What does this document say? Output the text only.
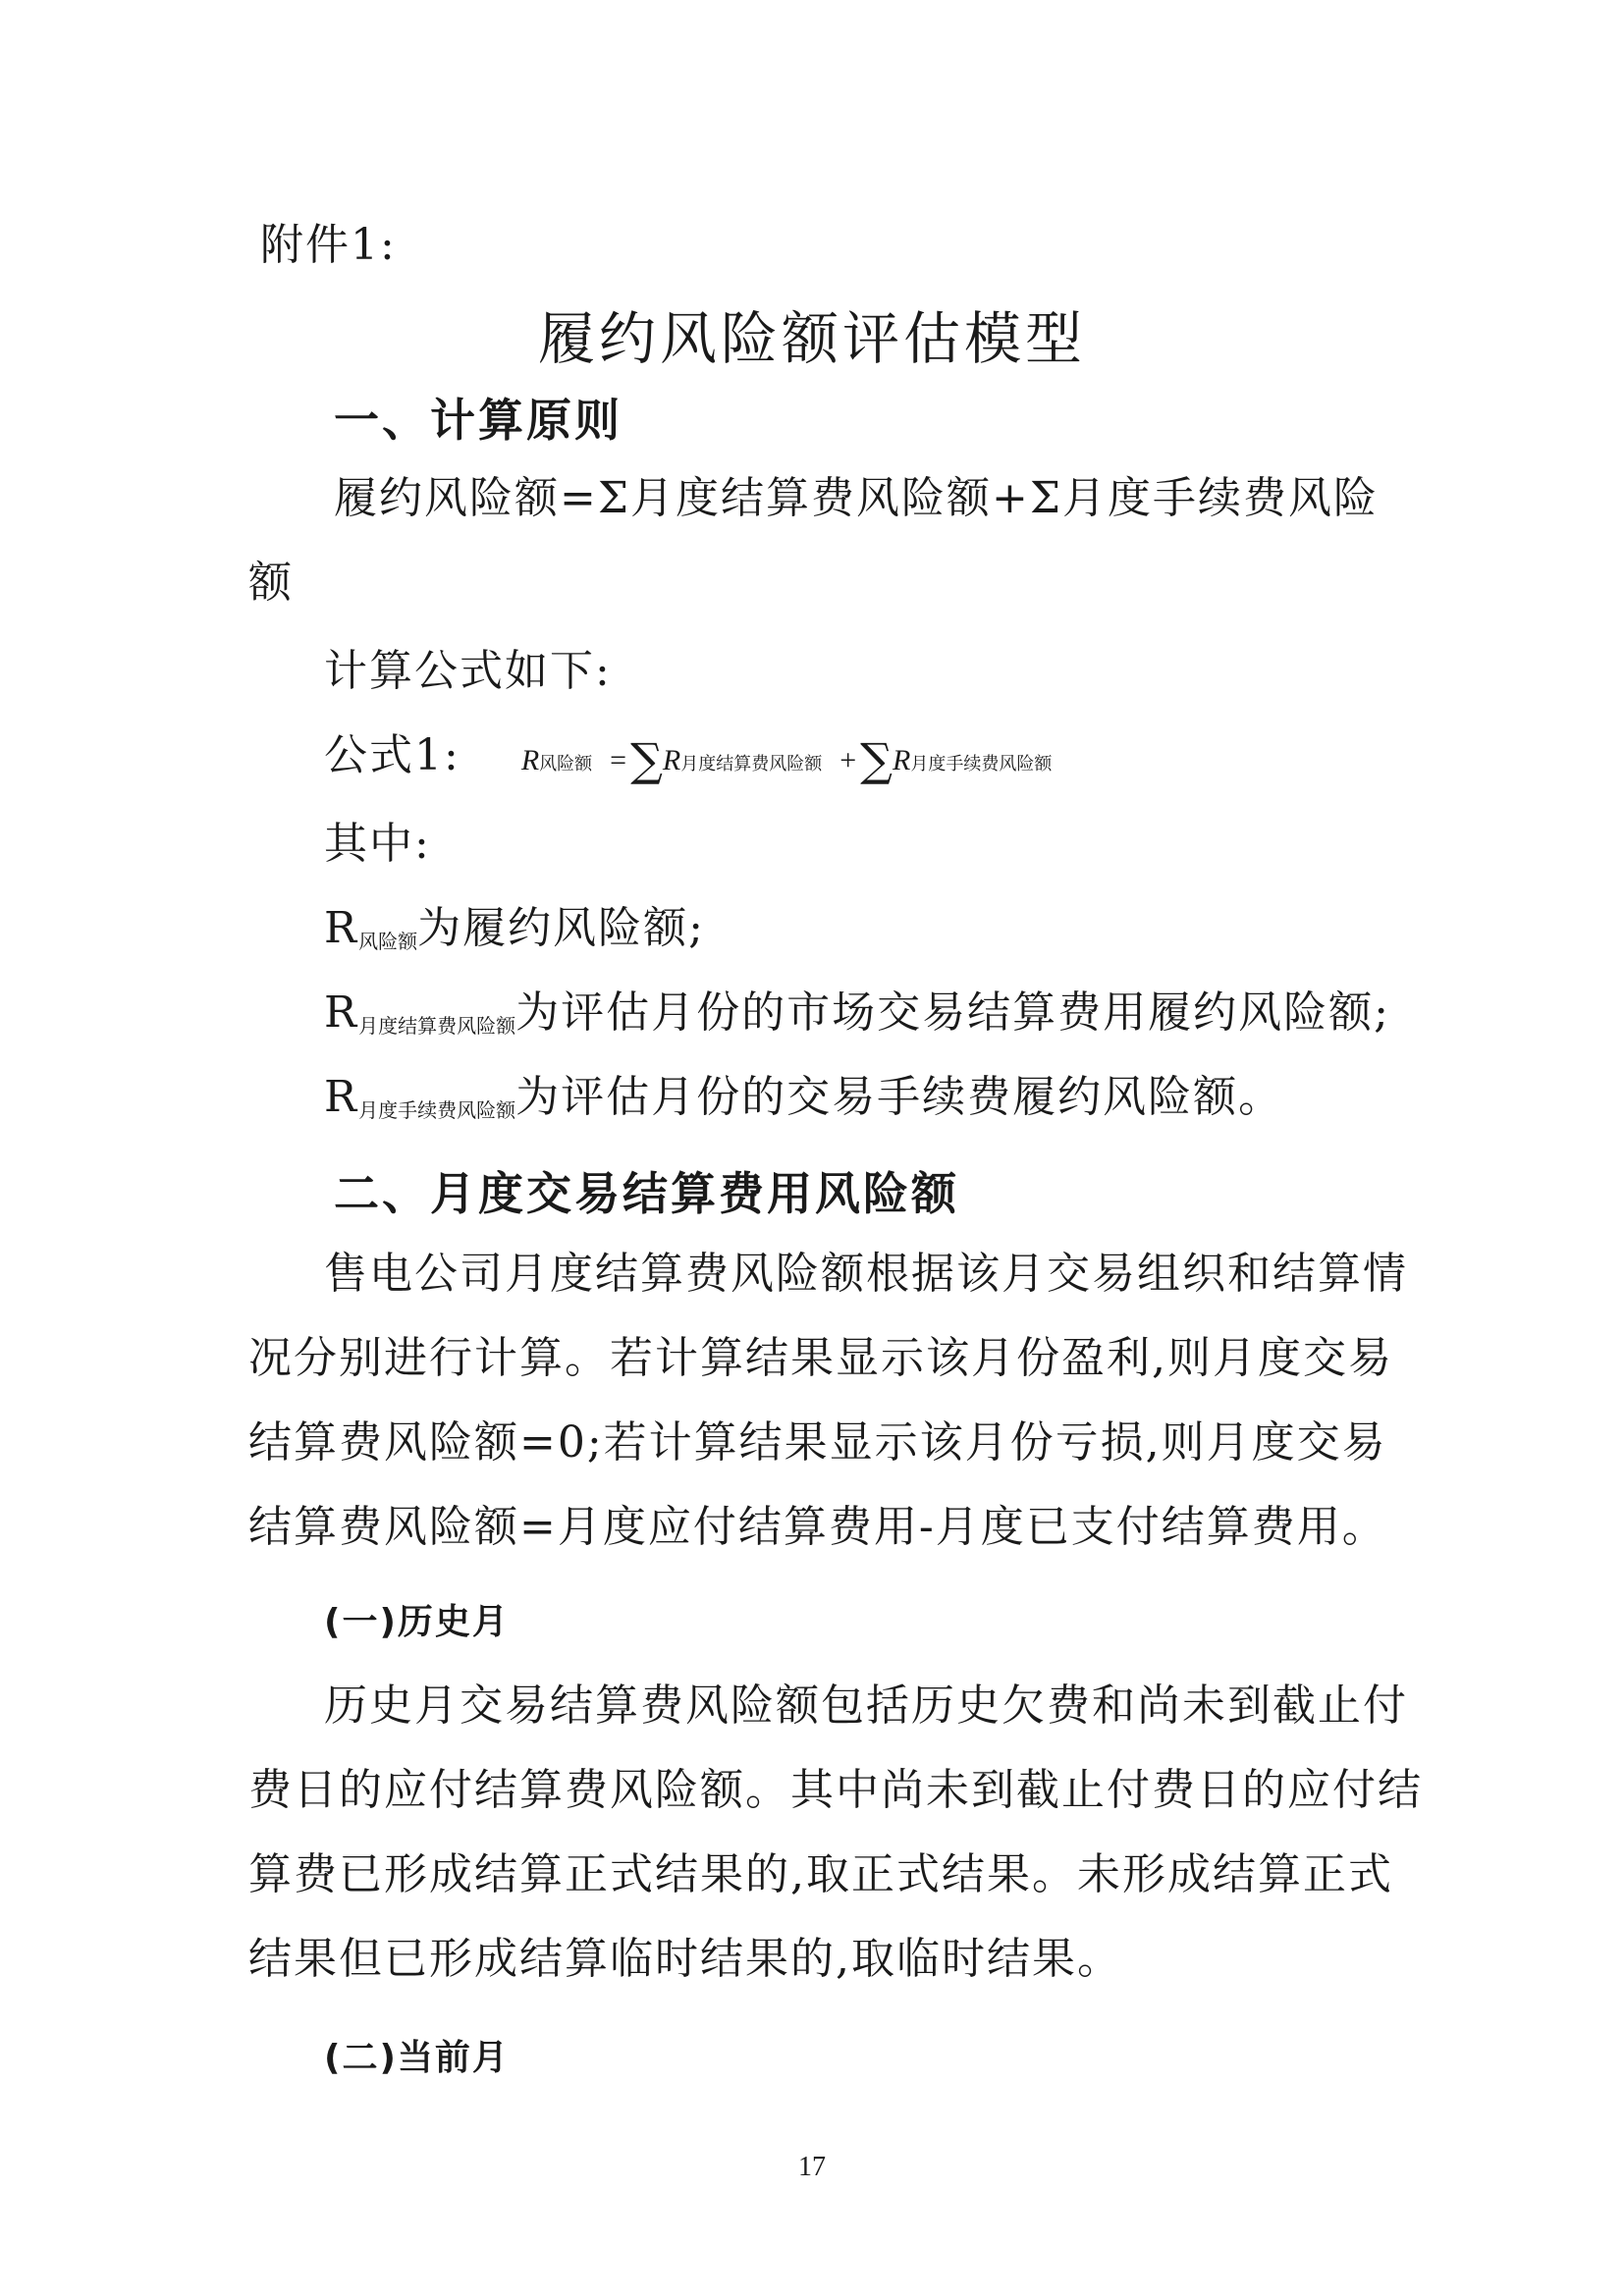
附件1:
履约风险额评估模型
一、计算原则
履约风险额=Σ月度结算费风险额+Σ月度手续费风险
额
计算公式如下:
公式1: R风险额 =∑R月度结算费风险额 +∑R月度手续费风险额
其中:
$R_{风险额}$为履约风险额;
$R_{月度结算费风险额}$为评估月份的市场交易结算费用履约风险额;
$R_{月度手续费风险额}$为评估月份的交易手续费履约风险额。
二、月度交易结算费用风险额
售电公司月度结算费风险额根据该月交易组织和结算情
况分别进行计算。若计算结果显示该月份盈利,则月度交易
结算费风险额=0;若计算结果显示该月份亏损,则月度交易
结算费风险额=月度应付结算费用-月度已支付结算费用。
(一)历史月
历史月交易结算费风险额包括历史欠费和尚未到截止付
费日的应付结算费风险额。其中尚未到截止付费日的应付结
算费已形成结算正式结果的,取正式结果。未形成结算正式
结果但已形成结算临时结果的,取临时结果。
(二)当前月
17
